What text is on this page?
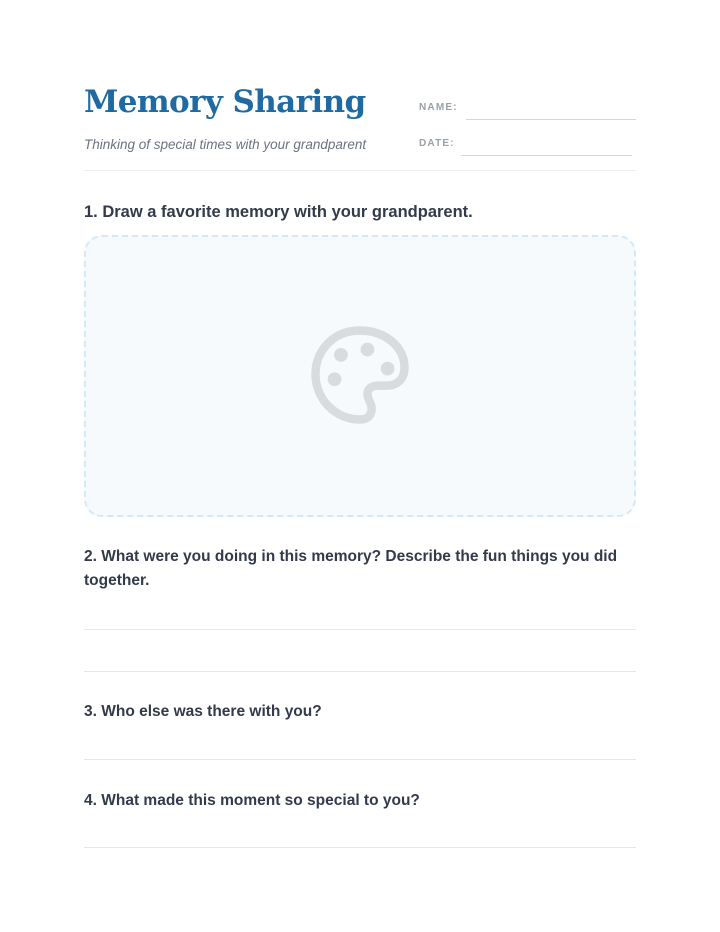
Memory Sharing
Thinking of special times with your grandparent
NAME:
DATE:

1. Draw a favorite memory with your grandparent.

2. What were you doing in this memory? Describe the fun things you did together.

3. Who else was there with you?

4. What made this moment so special to you?
